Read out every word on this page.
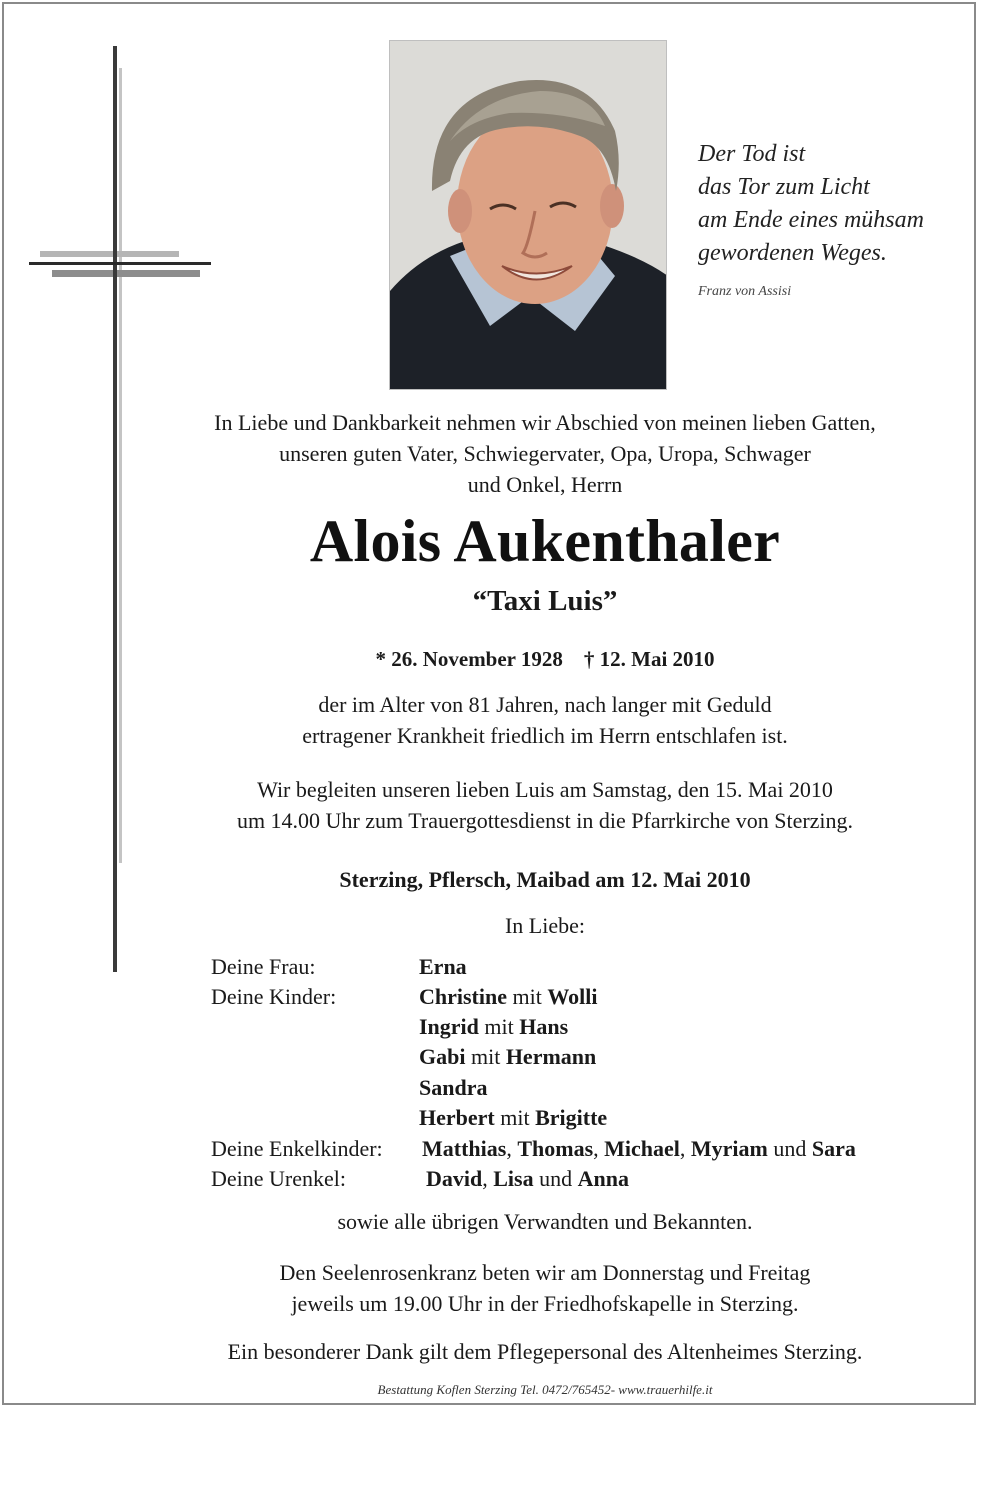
Der Tod ist
das Tor zum Licht
am Ende eines mühsam
gewordenen Weges.
Franz von Assisi
In Liebe und Dankbarkeit nehmen wir Abschied von meinen lieben Gatten,
unseren guten Vater, Schwiegervater, Opa, Uropa, Schwager
und Onkel, Herrn
Alois Aukenthaler
“Taxi Luis”
* 26. November 1928 † 12. Mai 2010
der im Alter von 81 Jahren, nach langer mit Geduld
ertragener Krankheit friedlich im Herrn entschlafen ist.
Wir begleiten unseren lieben Luis am Samstag, den 15. Mai 2010
um 14.00 Uhr zum Trauergottesdienst in die Pfarrkirche von Sterzing.
Sterzing, Pflersch, Maibad am 12. Mai 2010
In Liebe:
Deine Frau:	Erna
Deine Kinder:	Christine mit Wolli
Ingrid mit Hans
Gabi mit Hermann
Sandra
Herbert mit Brigitte
Deine Enkelkinder: Matthias, Thomas, Michael, Myriam und Sara
Deine Urenkel:	David, Lisa und Anna
sowie alle übrigen Verwandten und Bekannten.
Den Seelenrosenkranz beten wir am Donnerstag und Freitag
jeweils um 19.00 Uhr in der Friedhofskapelle in Sterzing.
Ein besonderer Dank gilt dem Pflegepersonal des Altenheimes Sterzing.
Bestattung Koflen Sterzing Tel. 0472/765452- www.trauerhilfe.it
